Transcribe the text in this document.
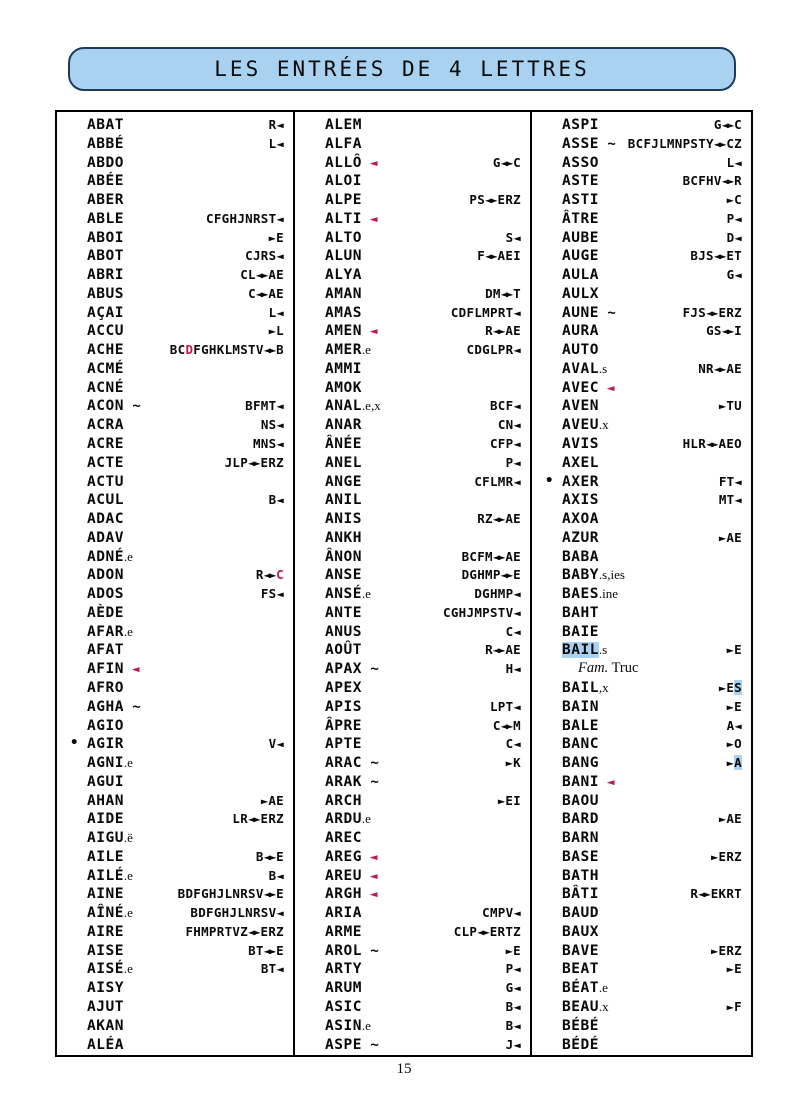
LES ENTRÉES DE 4 LETTRES
ABAT	R◄
ABBÉ	L◄
ABDO
ABÉE
ABER
ABLE	CFGHJNRST◄
ABOI	►E
ABOT	CJRS◄
ABRI	CL◄► AE
ABUS	C◄► AE
AÇAI	L◄
ACCU	►L
ACHE	BCDFGHKLMSTV◄► B
ACMÉ
ACNÉ
ACON ~	BFMT◄
ACRA	NS◄
ACRE	MNS◄
ACTE	JLP◄► ERZ
ACTU
ACUL	B◄
ADAC
ADAV
ADNÉ.e
ADON	R◄► C
ADOS	FS◄
AÈDE
AFAR.e
AFAT
AFIN ◄
AFRO
AGHA ~
AGIO
• AGIR	V◄
AGNI.e
AGUI
AHAN	►AE
AIDE	LR◄► ERZ
AIGU.ë
AILE	B◄► E
AILÉ.e	B◄
AINE	BDFGHJLNRSV◄► E
AÎNÉ.e	BDFGHJLNRSV◄
AIRE	FHMPRTVZ◄► ERZ
AISE	BT◄► E
AISÉ.e	BT◄
AISY
AJUT
AKAN
ALÉA
ALEM
ALFA
ALLÔ ◄	G◄► C
ALOI
ALPE	PS◄► ERZ
ALTI ◄
ALTO	S◄
ALUN	F◄► AEI
ALYA
AMAN	DM◄► T
AMAS	CDFLMPRT◄
AMEN ◄	R◄► AE
AMER.e	CDGLPR◄
AMMI
AMOK
ANAL.e,x	BCF◄
ANAR	CN◄
ÂNÉE	CFP◄
ANEL	P◄
ANGE	CFLMR◄
ANIL
ANIS	RZ◄► AE
ANKH
ÂNON	BCFM◄► AE
ANSE	DGHMP◄► E
ANSÉ.e	DGHMP◄
ANTE	CGHJMPSTV◄
ANUS	C◄
AOÛT	R◄► AE
APAX ~	H◄
APEX
APIS	LPT◄
ÂPRE	C◄► M
APTE	C◄
ARAC ~	►K
ARAK ~
ARCH	►EI
ARDU.e
AREC
AREG ◄
AREU ◄
ARGH ◄
ARIA	CMPV◄
ARME	CLP◄► ERTZ
AROL ~	►E
ARTY	P◄
ARUM	G◄
ASIC	B◄
ASIN.e	B◄
ASPE ~	J◄
ASPI	G◄► C
ASSE ~ BCFJLMNPSTY◄► CZ
ASSO	L◄
ASTE	BCFHV◄► R
ASTI	►C
ÂTRE	P◄
AUBE	D◄
AUGE	BJS◄► ET
AULA	G◄
AULX
AUNE ~	FJS◄► ERZ
AURA	GS◄► I
AUTO
AVAL.s	NR◄► AE
AVEC ◄
AVEN	►TU
AVEU.x
AVIS	HLR◄► AEO
AXEL
• AXER	FT◄
AXIS	MT◄
AXOA
AZUR	►AE
BABA
BABY.s,ies
BAES.ine
BAHT
BAIE
BAIL.s	►E
Fam. Truc
BAIL,x	►ES
BAIN	►E
BALE	A◄
BANC	►O
BANG	►A
BANI ◄
BAOU
BARD	►AE
BARN
BASE	►ERZ
BATH
BÂTI	R◄► EKRT
BAUD
BAUX
BAVE	►ERZ
BEAT	►E
BÉAT.e
BEAU.x	►F
BÉBÉ
BÉDÉ
15
